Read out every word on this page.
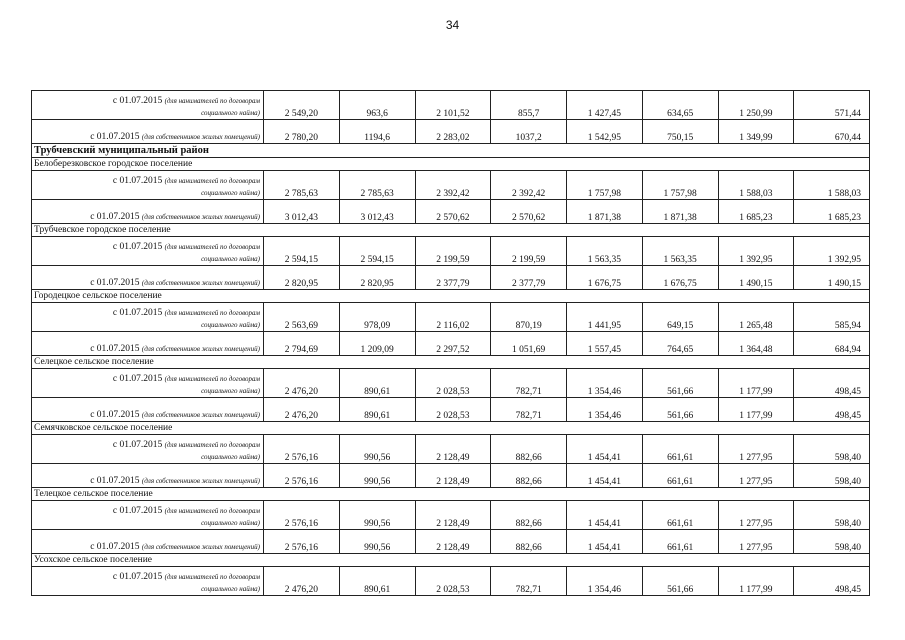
34
с 01.07.2015 (для нанимателей по договорам
социального найма)	2 549,20	963,6	2 101,52	855,7	1 427,45	634,65	1 250,99	571,44
с 01.07.2015 (для собственников жилых помещений)	2 780,20	1194,6	2 283,02	1037,2	1 542,95	750,15	1 349,99	670,44
Трубчевский муниципальный район								
Белоберезковское городское поселение								
с 01.07.2015 (для нанимателей по договорам
социального найма)	2 785,63	2 785,63	2 392,42	2 392,42	1 757,98	1 757,98	1 588,03	1 588,03
с 01.07.2015 (для собственников жилых помещений)	3 012,43	3 012,43	2 570,62	2 570,62	1 871,38	1 871,38	1 685,23	1 685,23
Трубчевское городское поселение								
с 01.07.2015 (для нанимателей по договорам
социального найма)	2 594,15	2 594,15	2 199,59	2 199,59	1 563,35	1 563,35	1 392,95	1 392,95
с 01.07.2015 (для собственников жилых помещений)	2 820,95	2 820,95	2 377,79	2 377,79	1 676,75	1 676,75	1 490,15	1 490,15
Городецкое сельское поселение								
с 01.07.2015 (для нанимателей по договорам
социального найма)	2 563,69	978,09	2 116,02	870,19	1 441,95	649,15	1 265,48	585,94
с 01.07.2015 (для собственников жилых помещений)	2 794,69	1 209,09	2 297,52	1 051,69	1 557,45	764,65	1 364,48	684,94
Селецкое сельское поселение								
с 01.07.2015 (для нанимателей по договорам
социального найма)	2 476,20	890,61	2 028,53	782,71	1 354,46	561,66	1 177,99	498,45
с 01.07.2015 (для собственников жилых помещений)	2 476,20	890,61	2 028,53	782,71	1 354,46	561,66	1 177,99	498,45
Семячковское сельское поселение								
с 01.07.2015 (для нанимателей по договорам
социального найма)	2 576,16	990,56	2 128,49	882,66	1 454,41	661,61	1 277,95	598,40
с 01.07.2015 (для собственников жилых помещений)	2 576,16	990,56	2 128,49	882,66	1 454,41	661,61	1 277,95	598,40
Телецкое сельское поселение								
с 01.07.2015 (для нанимателей по договорам
социального найма)	2 576,16	990,56	2 128,49	882,66	1 454,41	661,61	1 277,95	598,40
с 01.07.2015 (для собственников жилых помещений)	2 576,16	990,56	2 128,49	882,66	1 454,41	661,61	1 277,95	598,40
Усохское сельское поселение								
с 01.07.2015 (для нанимателей по договорам
социального найма)	2 476,20	890,61	2 028,53	782,71	1 354,46	561,66	1 177,99	498,45
